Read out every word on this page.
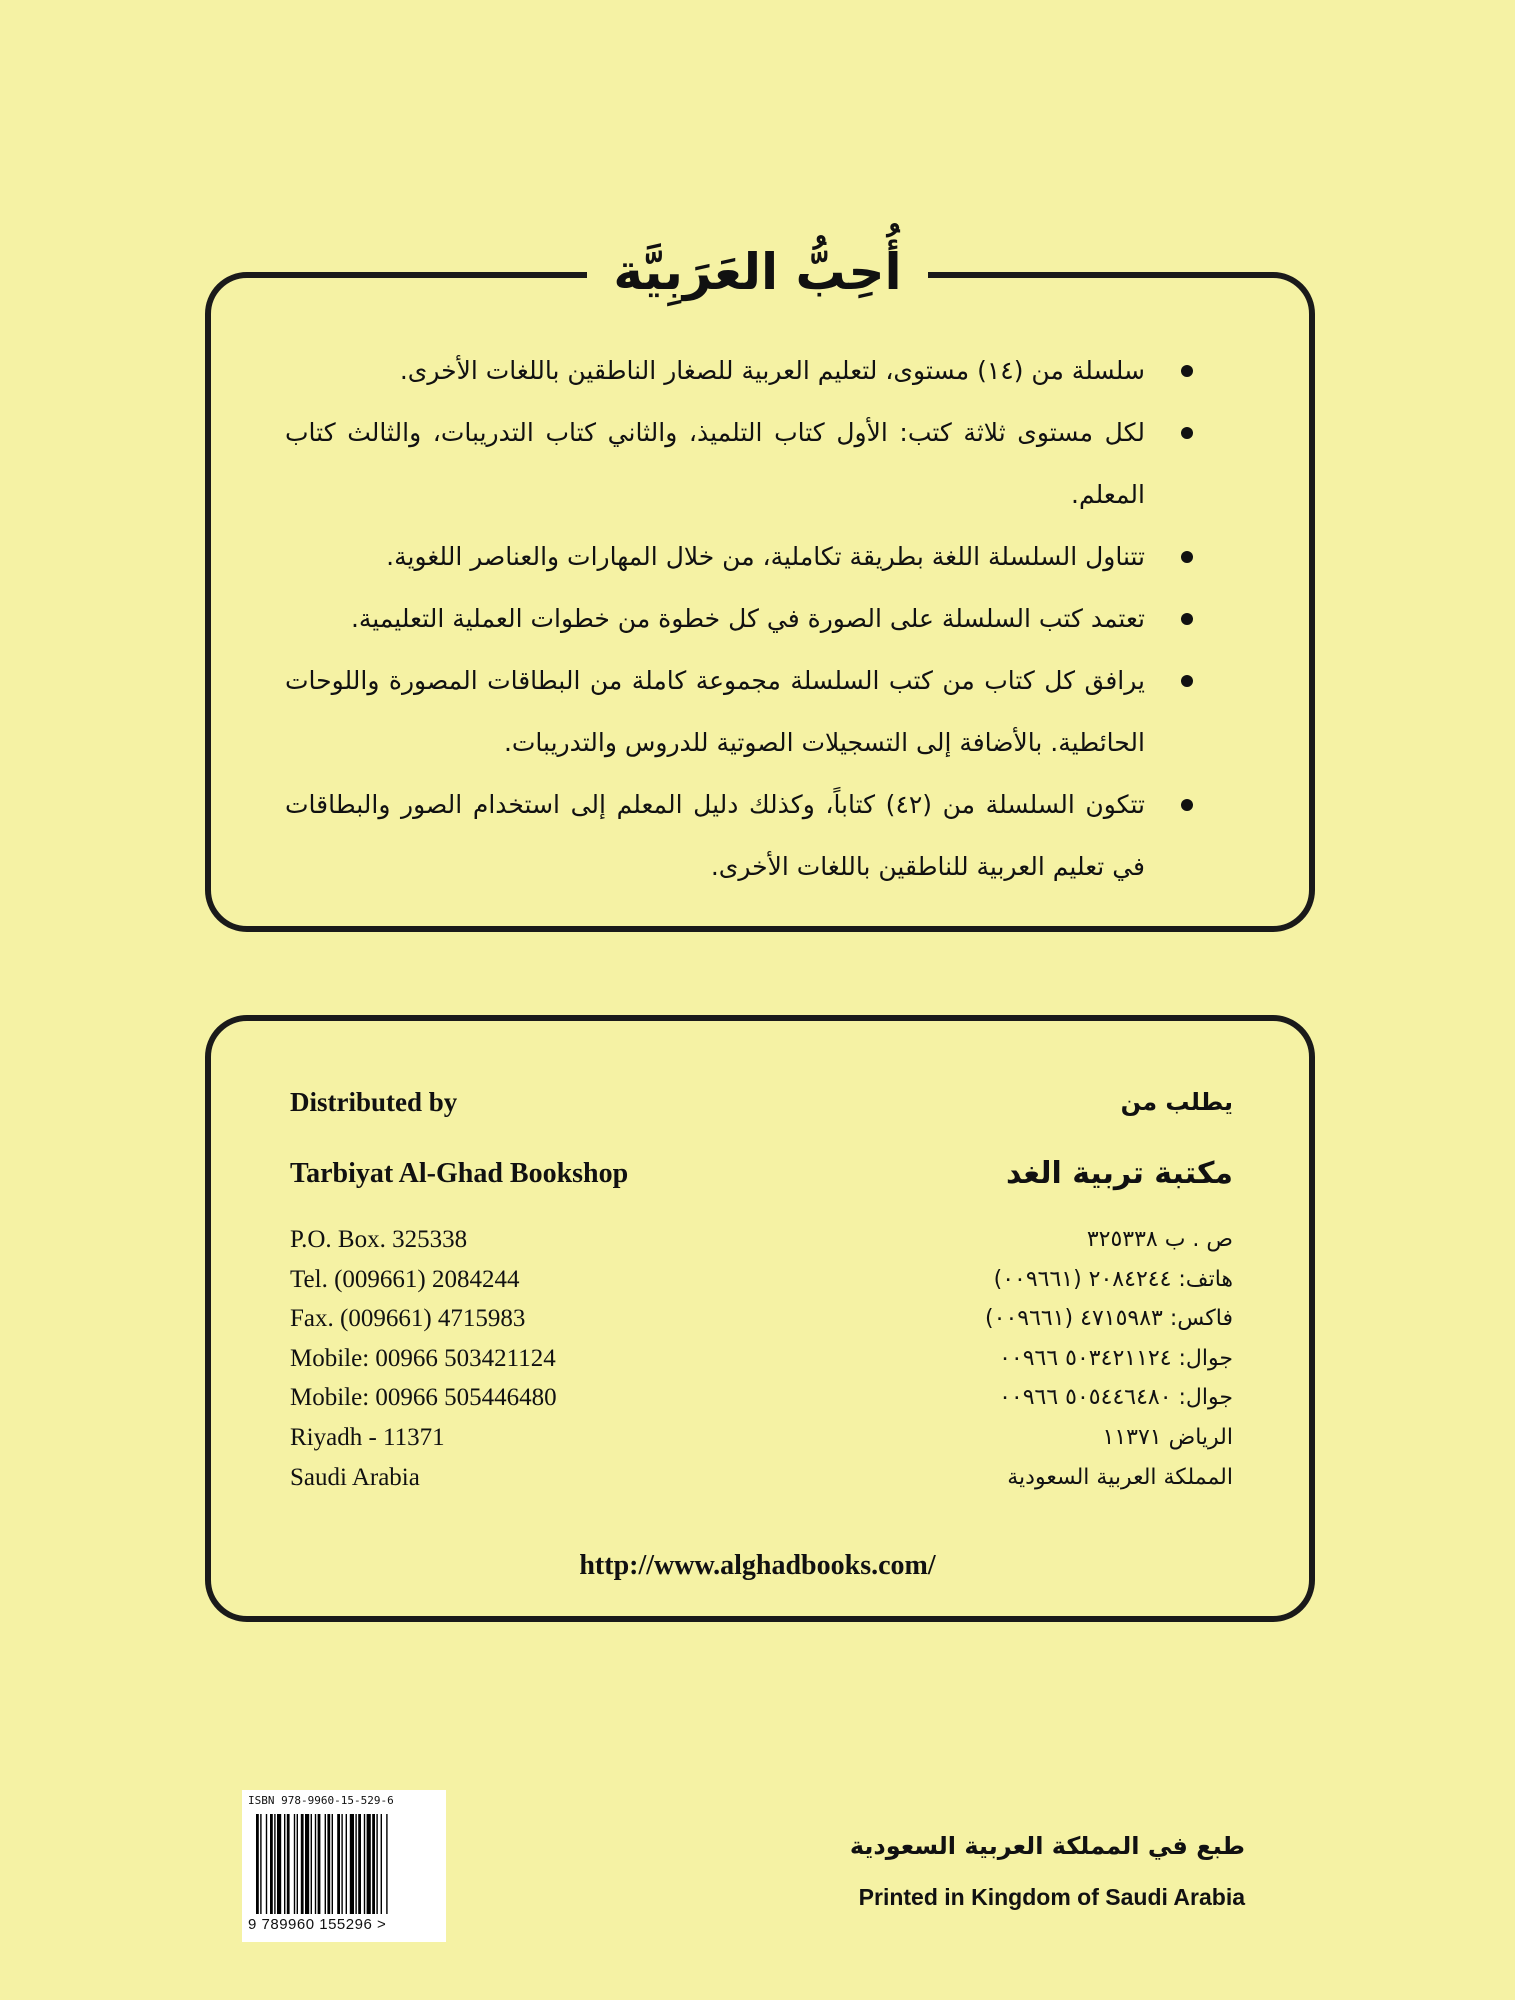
أُحِبُّ العَرَبِيَّة
سلسلة من (١٤) مستوى، لتعليم العربية للصغار الناطقين باللغات الأخرى.
لكل مستوى ثلاثة كتب: الأول كتاب التلميذ، والثاني كتاب التدريبات، والثالث كتاب المعلم.
تتناول السلسلة اللغة بطريقة تكاملية، من خلال المهارات والعناصر اللغوية.
تعتمد كتب السلسلة على الصورة في كل خطوة من خطوات العملية التعليمية.
يرافق كل كتاب من كتب السلسلة مجموعة كاملة من البطاقات المصورة واللوحات الحائطية. بالأضافة إلى التسجيلات الصوتية للدروس والتدريبات.
تتكون السلسلة من (٤٢) كتاباً، وكذلك دليل المعلم إلى استخدام الصور والبطاقات في تعليم العربية للناطقين باللغات الأخرى.
Distributed by
Tarbiyat Al-Ghad Bookshop
P.O. Box. 325338
Tel. (009661) 2084244
Fax. (009661) 4715983
Mobile: 00966 503421124
Mobile: 00966 505446480
Riyadh - 11371
Saudi Arabia
يطلب من
مكتبة تربية الغد
ص . ب ٣٢٥٣٣٨
هاتف: ٢٠٨٤٢٤٤ (٠٠٩٦٦١)
فاكس: ٤٧١٥٩٨٣ (٠٠٩٦٦١)
جوال: ٥٠٣٤٢١١٢٤ ٠٠٩٦٦
جوال: ٥٠٥٤٤٦٤٨٠ ٠٠٩٦٦
الرياض ١١٣٧١
المملكة العربية السعودية
http://www.alghadbooks.com/
ISBN 978-9960-15-529-6
9 789960 155296 >
طبع في المملكة العربية السعودية
Printed in Kingdom of Saudi Arabia
